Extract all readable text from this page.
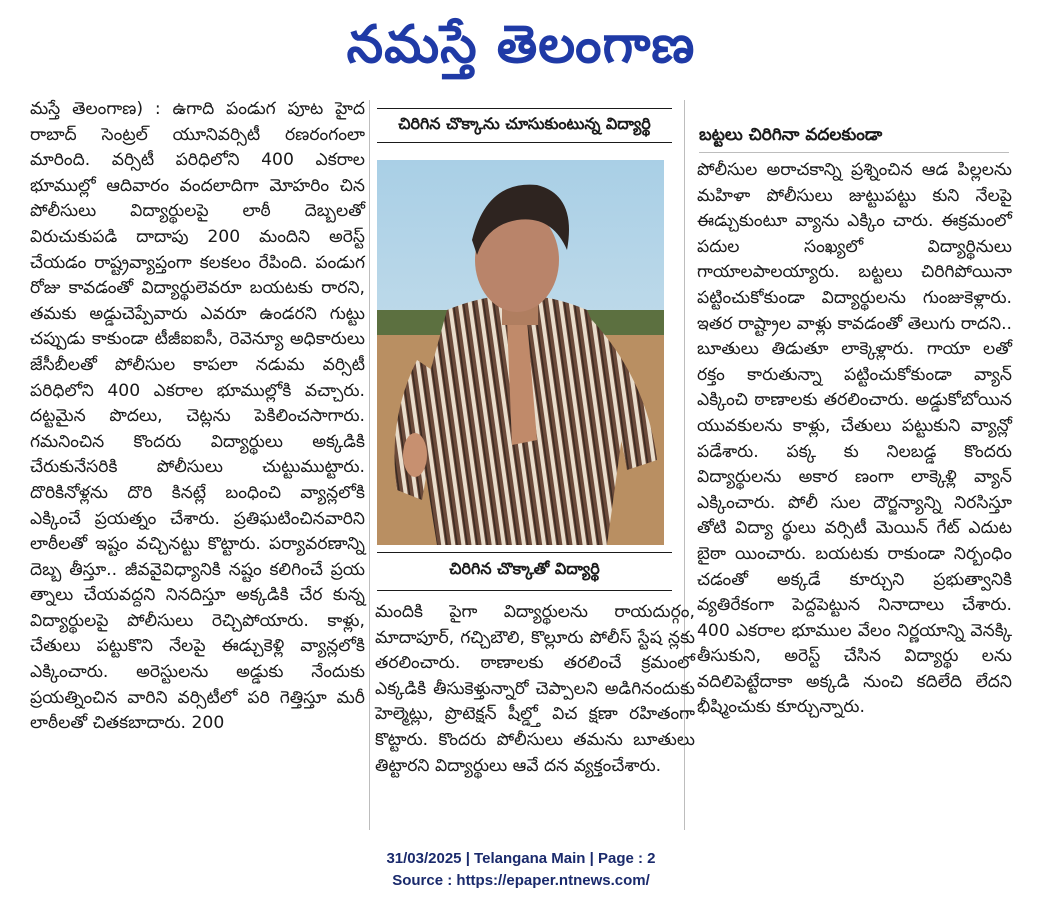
నమస్తే తెలంగాణ

మస్తే తెలంగాణ) : ఉగాది పండుగ పూట హైద రాబాద్ సెంట్రల్ యూనివర్సిటీ రణరంగంలా మారింది. వర్సిటీ పరిధిలోని 400 ఎకరాల భూముల్లో ఆదివారం వందలాదిగా మోహరిం చిన పోలీసులు విద్యార్థులపై లాఠీ దెబ్బలతో విరుచుకుపడి దాదాపు 200 మందిని అరెస్ట్ చేయడం రాష్ట్రవ్యాప్తంగా కలకలం రేపింది. పండుగ రోజు కావడంతో విద్యార్థులెవరూ బయటకు రారని, తమకు అడ్డుచెప్పేవారు ఎవరూ ఉండరని గుట్టు చప్పుడు కాకుండా టీజీఐఐసీ, రెవెన్యూ అధికారులు జేసీబీలతో పోలీసుల కాపలా నడుమ వర్సిటీ పరిధిలోని 400 ఎకరాల భూముల్లోకి వచ్చారు. దట్టమైన పొదలు, చెట్లను పెకిలించసాగారు. గమనించిన కొందరు విద్యార్థులు అక్కడికి చేరుకునేసరికి పోలీసులు చుట్టుముట్టారు. దొరికినోళ్లను దొరి కినట్లే బంధించి వ్యాన్లలోకి ఎక్కించే ప్రయత్నం చేశారు. ప్రతిఘటించినవారిని లాఠీలతో ఇష్టం వచ్చినట్టు కొట్టారు. పర్యావరణాన్ని దెబ్బ తీస్తూ.. జీవవైవిధ్యానికి నష్టం కలిగించే ప్రయ త్నాలు చేయవద్దని నినదిస్తూ అక్కడికి చేర కున్న విద్యార్థులపై పోలీసులు రెచ్చిపోయారు. కాళ్లు, చేతులు పట్టుకొని నేలపై ఈడ్చుకెళ్లి వ్యాన్లలోకి ఎక్కించారు. అరెస్టులను అడ్డుకు నేందుకు ప్రయత్నించిన వారిని వర్సిటీలో పరి గెత్తిస్తూ మరీ లాఠీలతో చితకబాదారు. 200

చిరిగిన చొక్కాను చూసుకుంటున్న విద్యార్థి
చిరిగిన చొక్కాతో విద్యార్థి

మందికి పైగా విద్యార్థులను రాయదుర్గం, మాదాపూర్, గచ్చిబౌలి, కొల్లూరు పోలీస్ స్టేష న్లకు తరలించారు. ఠాణాలకు తరలించే క్రమంలో ఎక్కడికి తీసుకెళ్తున్నారో చెప్పాలని అడిగినందుకు హెల్మెట్లు, ప్రొటెక్షన్ షీల్డ్తో విచ క్షణా రహితంగా కొట్టారు. కొందరు పోలీసులు తమను బూతులు తిట్టారని విద్యార్థులు ఆవే దన వ్యక్తంచేశారు.

బట్టలు చిరిగినా వదలకుండా

పోలీసుల అరాచకాన్ని ప్రశ్నించిన ఆడ పిల్లలను మహిళా పోలీసులు జుట్టుపట్టు కుని నేలపై ఈడ్చుకుంటూ వ్యాను ఎక్కిం చారు. ఈక్రమంలో పదుల సంఖ్యలో విద్యార్థినులు గాయాలపాలయ్యారు. బట్టలు చిరిగిపోయినా పట్టించుకోకుండా విద్యార్థులను గుంజుకెళ్లారు. ఇతర రాష్ట్రాల వాళ్లు కావడంతో తెలుగు రాదని.. బూతులు తిడుతూ లాక్కెళ్లారు. గాయా లతో రక్తం కారుతున్నా పట్టించుకోకుండా వ్యాన్ ఎక్కించి ఠాణాలకు తరలించారు. అడ్డుకోబోయిన యువకులను కాళ్లు, చేతులు పట్టుకుని వ్యాన్లో పడేశారు. పక్క కు నిలబడ్డ కొందరు విద్యార్థులను అకార ణంగా లాక్కెళ్లి వ్యాన్ ఎక్కించారు. పోలీ సుల దౌర్జన్యాన్ని నిరసిస్తూ తోటి విద్యా ర్థులు వర్సిటీ మెయిన్ గేట్ ఎదుట బైఠా యించారు. బయటకు రాకుండా నిర్బంధిం చడంతో అక్కడే కూర్చుని ప్రభుత్వానికి వ్యతిరేకంగా పెద్దపెట్టున నినాదాలు చేశారు. 400 ఎకరాల భూముల వేలం నిర్ణయాన్ని వెనక్కి తీసుకుని, అరెస్ట్ చేసిన విద్యార్థు లను వదిలిపెట్టేదాకా అక్కడి నుంచి కదిలేది లేదని భీష్మించుకు కూర్చున్నారు.

31/03/2025 | Telangana Main | Page : 2
Source : https://epaper.ntnews.com/
